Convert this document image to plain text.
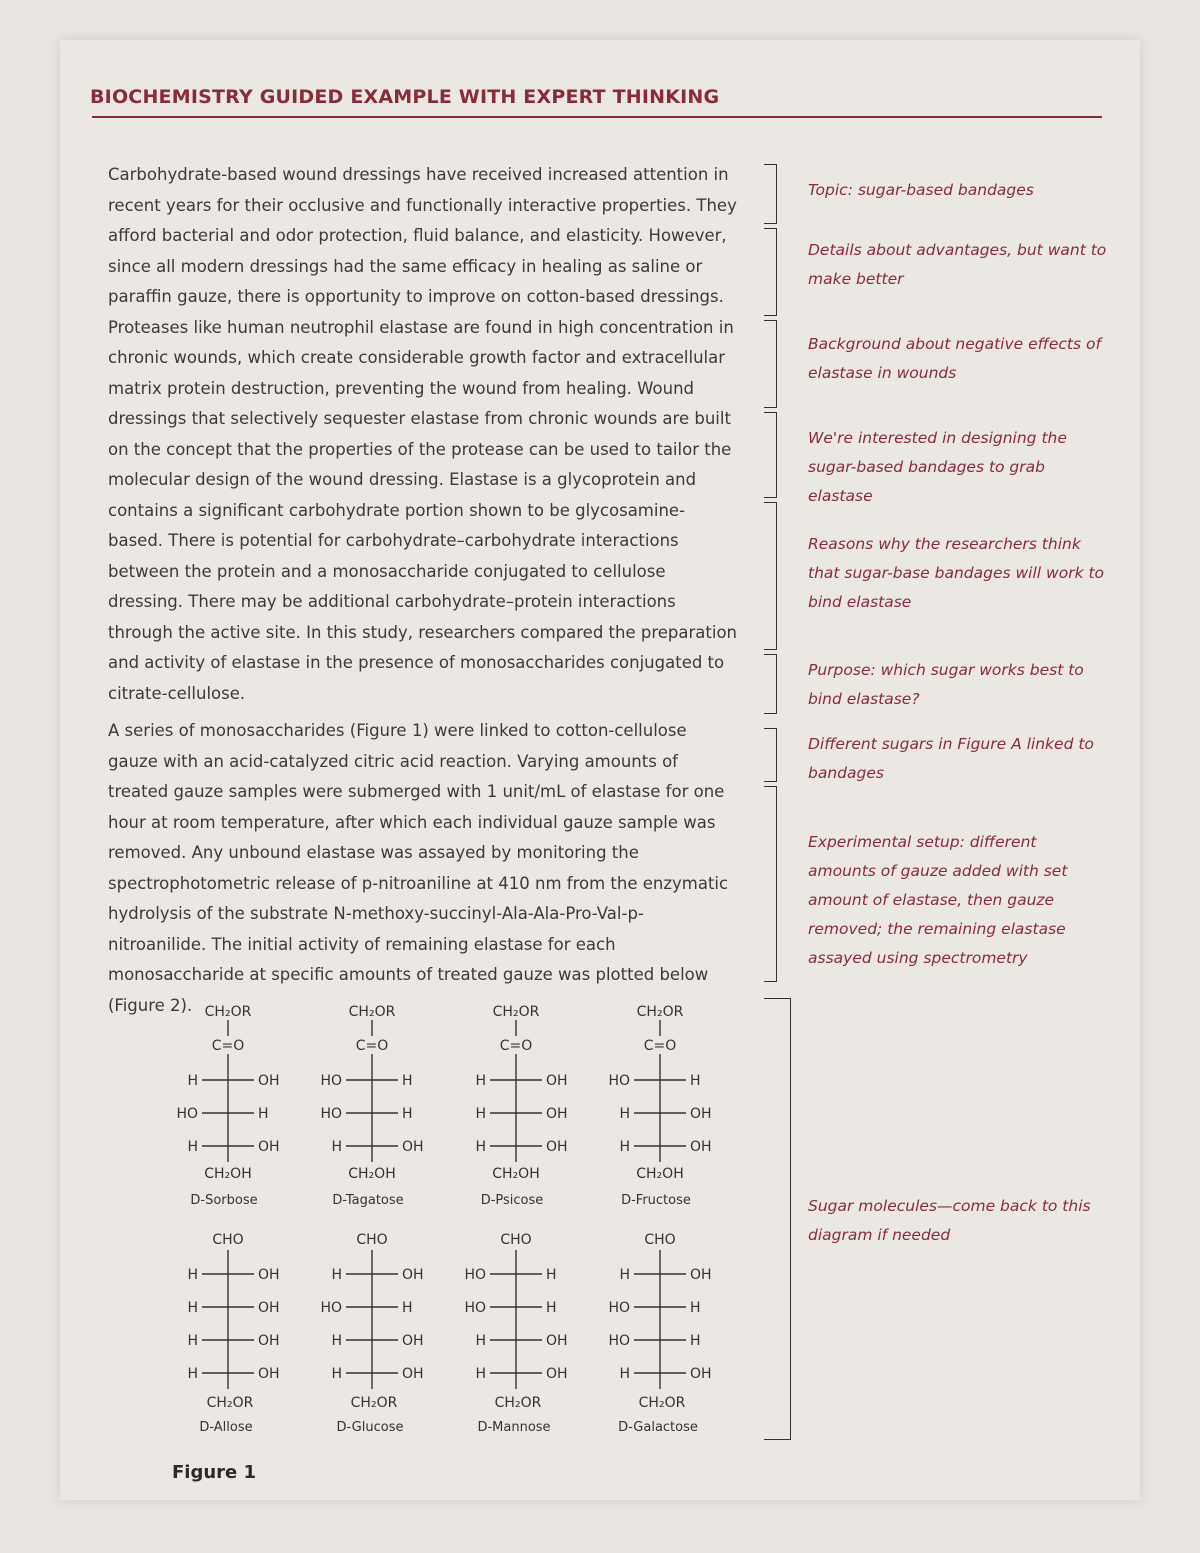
BIOCHEMISTRY GUIDED EXAMPLE WITH EXPERT THINKING

Carbohydrate-based wound dressings have received increased attention in recent years for their occlusive and functionally interactive properties. They afford bacterial and odor protection, fluid balance, and elasticity. However, since all modern dressings had the same efficacy in healing as saline or paraffin gauze, there is opportunity to improve on cotton-based dressings. Proteases like human neutrophil elastase are found in high concentration in chronic wounds, which create considerable growth factor and extracellular matrix protein destruction, preventing the wound from healing. Wound dressings that selectively sequester elastase from chronic wounds are built on the concept that the properties of the protease can be used to tailor the molecular design of the wound dressing. Elastase is a glycoprotein and contains a significant carbohydrate portion shown to be glycosamine-based. There is potential for carbohydrate–carbohydrate interactions between the protein and a monosaccharide conjugated to cellulose dressing. There may be additional carbohydrate–protein interactions through the active site. In this study, researchers compared the preparation and activity of elastase in the presence of monosaccharides conjugated to citrate-cellulose.

A series of monosaccharides (Figure 1) were linked to cotton-cellulose gauze with an acid-catalyzed citric acid reaction. Varying amounts of treated gauze samples were submerged with 1 unit/mL of elastase for one hour at room temperature, after which each individual gauze sample was removed. Any unbound elastase was assayed by monitoring the spectrophotometric release of p-nitroaniline at 410 nm from the enzymatic hydrolysis of the substrate N-methoxy-succinyl-Ala-Ala-Pro-Val-p-nitroanilide. The initial activity of remaining elastase for each monosaccharide at specific amounts of treated gauze was plotted below (Figure 2).

Topic: sugar-based bandages
Details about advantages, but want to make better
Background about negative effects of elastase in wounds
We're interested in designing the sugar-based bandages to grab elastase
Reasons why the researchers think that sugar-base bandages will work to bind elastase
Purpose: which sugar works best to bind elastase?
Different sugars in Figure A linked to bandages
Experimental setup: different amounts of gauze added with set amount of elastase, then gauze removed; the remaining elastase assayed using spectrometry
Sugar molecules—come back to this diagram if needed
CH₂OR
C=O
H	OH
HO	H
H	OH
CH₂OH
D-Sorbose
CH₂OR
C=O
HO	H
HO	H
H	OH
CH₂OH
D-Tagatose
CH₂OR
C=O
H	OH
H	OH
H	OH
CH₂OH
D-Psicose
CH₂OR
C=O
HO	H
H	OH
H	OH
CH₂OH
D-Fructose
CHO
H	OH
H	OH
H	OH
H	OH
CH₂OR
D-Allose
CHO
H	OH
HO	H
H	OH
H	OH
CH₂OR
D-Glucose
CHO
HO	H
HO	H
H	OH
H	OH
CH₂OR
D-Mannose
CHO
H	OH
HO	H
HO	H
H	OH
CH₂OR
D-Galactose
Figure 1
